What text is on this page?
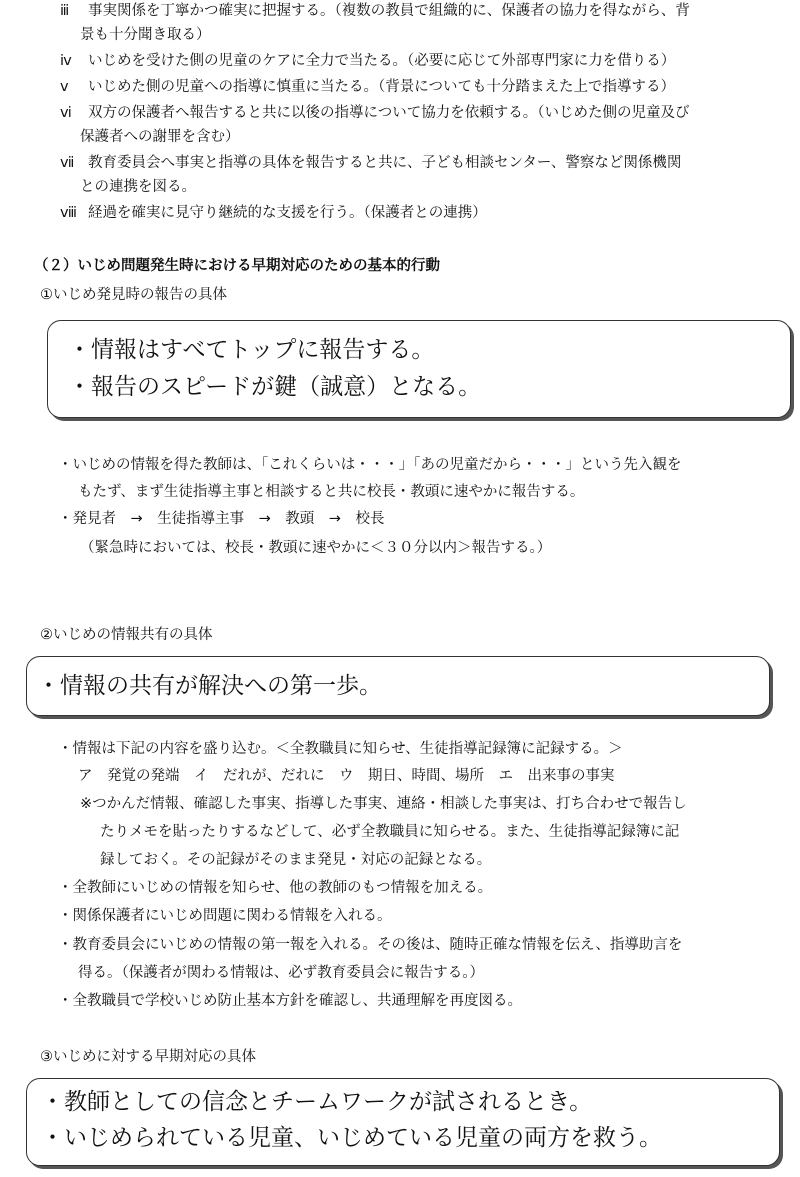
ⅲ 事実関係を丁寧かつ確実に把握する。（複数の教員で組織的に、保護者の協力を得ながら、背
景も十分聞き取る）
ⅳ いじめを受けた側の児童のケアに全力で当たる。（必要に応じて外部専門家に力を借りる）
ⅴ いじめた側の児童への指導に慎重に当たる。（背景についても十分踏まえた上で指導する）
ⅵ 双方の保護者へ報告すると共に以後の指導について協力を依頼する。（いじめた側の児童及び
保護者への謝罪を含む）
ⅶ 教育委員会へ事実と指導の具体を報告すると共に、子ども相談センター、警察など関係機関
との連携を図る。
ⅷ 経過を確実に見守り継続的な支援を行う。（保護者との連携）
（２）いじめ問題発生時における早期対応のための基本的行動
①いじめ発見時の報告の具体
・情報はすべてトップに報告する。
・報告のスピードが鍵（誠意）となる。
・いじめの情報を得た教師は、「これくらいは・・・」「あの児童だから・・・」という先入観を
もたず、まず生徒指導主事と相談すると共に校長・教頭に速やかに報告する。
・発見者　→　生徒指導主事　→　教頭　→　校長
（緊急時においては、校長・教頭に速やかに＜３０分以内＞報告する。）
②いじめの情報共有の具体
・情報の共有が解決への第一歩。
・情報は下記の内容を盛り込む。＜全教職員に知らせ、生徒指導記録簿に記録する。＞
ア　発覚の発端　イ　だれが、だれに　ウ　期日、時間、場所　エ　出来事の事実
※つかんだ情報、確認した事実、指導した事実、連絡・相談した事実は、打ち合わせで報告し
たりメモを貼ったりするなどして、必ず全教職員に知らせる。また、生徒指導記録簿に記
録しておく。その記録がそのまま発見・対応の記録となる。
・全教師にいじめの情報を知らせ、他の教師のもつ情報を加える。
・関係保護者にいじめ問題に関わる情報を入れる。
・教育委員会にいじめの情報の第一報を入れる。その後は、随時正確な情報を伝え、指導助言を
得る。（保護者が関わる情報は、必ず教育委員会に報告する。）
・全教職員で学校いじめ防止基本方針を確認し、共通理解を再度図る。
③いじめに対する早期対応の具体
・教師としての信念とチームワークが試されるとき。
・いじめられている児童、いじめている児童の両方を救う。
